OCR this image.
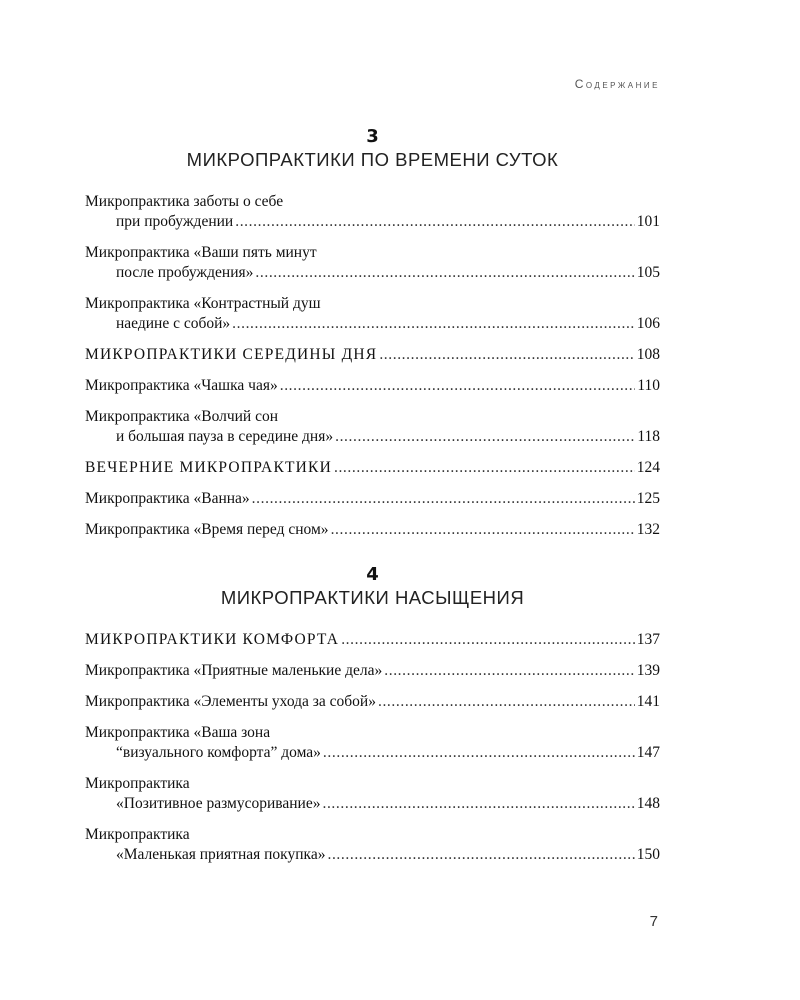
Содержание
3
МИКРОПРАКТИКИ ПО ВРЕМЕНИ СУТОК
Микропрактика заботы о себе
при пробуждении .....	101
Микропрактика «Ваши пять минут
после пробуждения» .....	105
Микропрактика «Контрастный душ
наедине с собой» .....	106
МИКРОПРАКТИКИ СЕРЕДИНЫ ДНЯ .....	108
Микропрактика «Чашка чая» .....	110
Микропрактика «Волчий сон
и большая пауза в середине дня» .....	118
ВЕЧЕРНИЕ МИКРОПРАКТИКИ .....	124
Микропрактика «Ванна» .....	125
Микропрактика «Время перед сном» .....	132
4
МИКРОПРАКТИКИ НАСЫЩЕНИЯ
МИКРОПРАКТИКИ КОМФОРТА .....	137
Микропрактика «Приятные маленькие дела» .....	139
Микропрактика «Элементы ухода за собой» .....	141
Микропрактика «Ваша зона
“визуального комфорта” дома» .....	147
Микропрактика
«Позитивное размусоривание» .....	148
Микропрактика
«Маленькая приятная покупка» .....	150
7
